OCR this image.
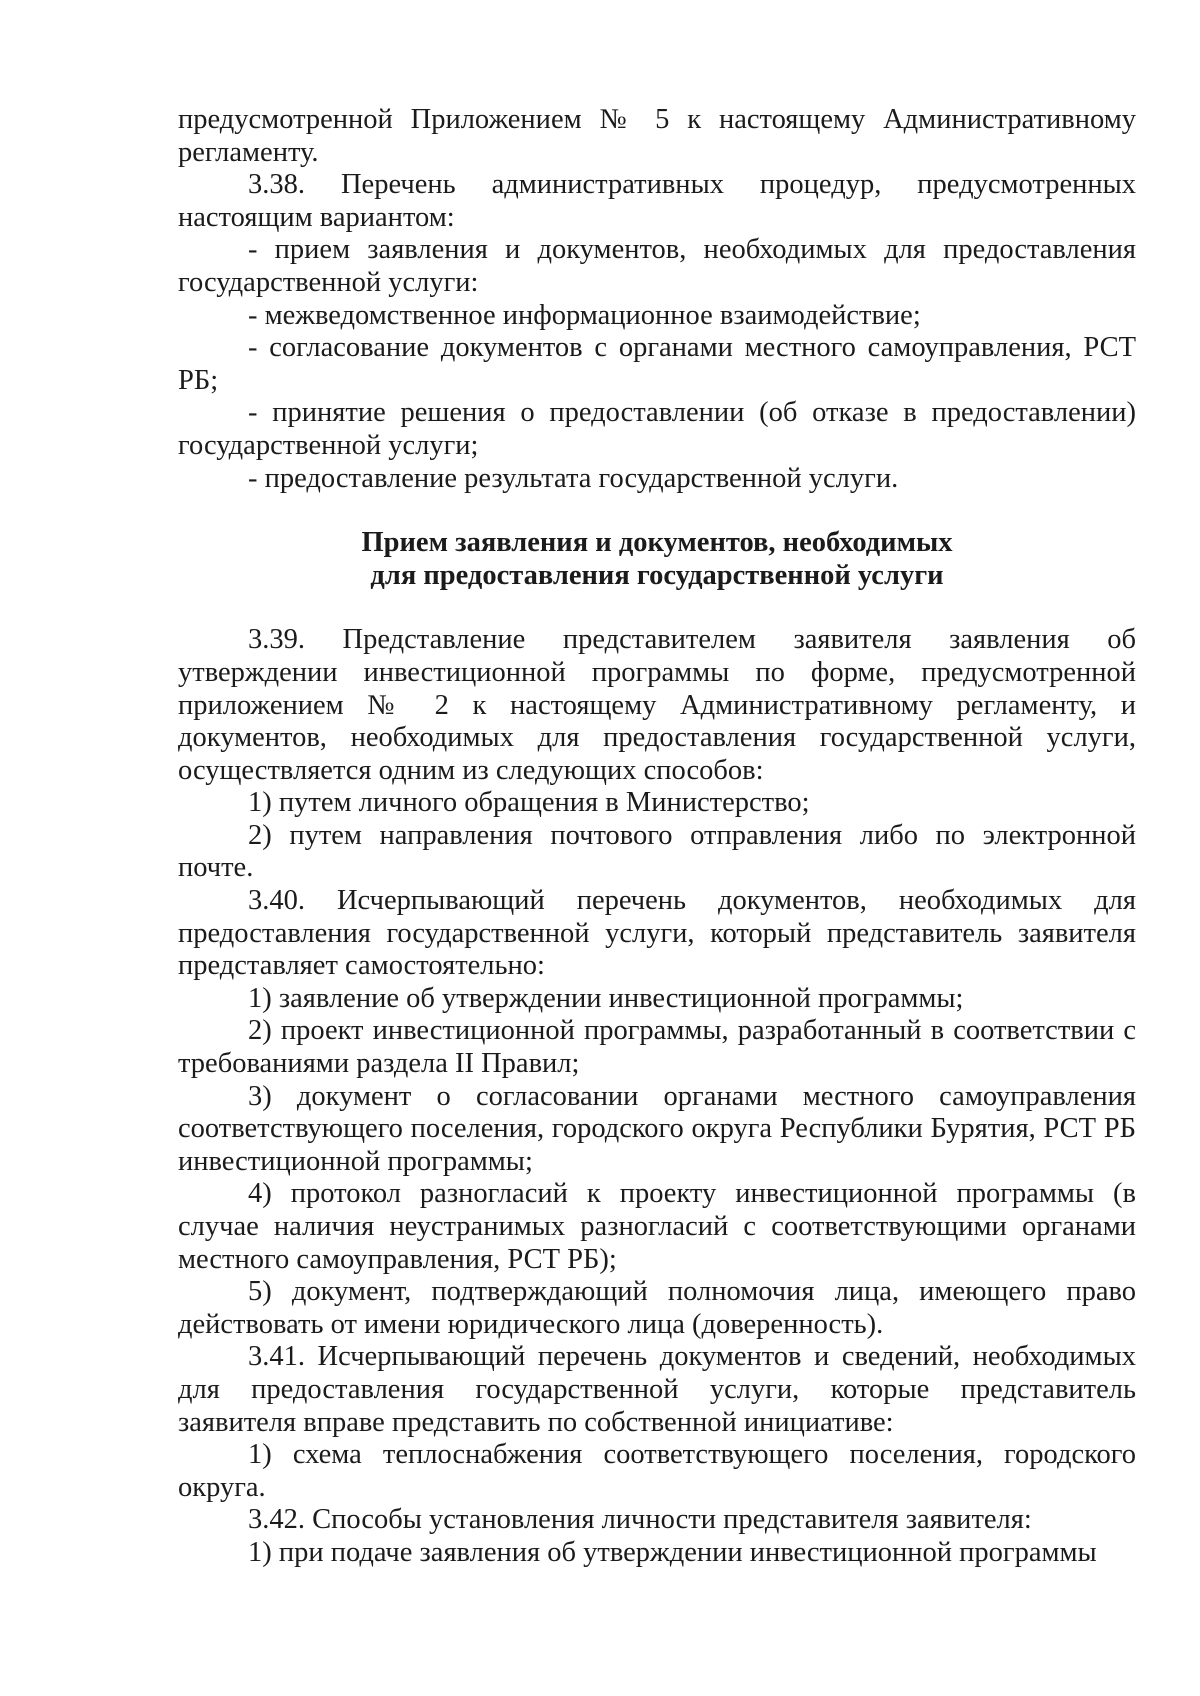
предусмотренной Приложением № 5 к настоящему Административному регламенту.

3.38. Перечень административных процедур, предусмотренных настоящим вариантом:

- прием заявления и документов, необходимых для предоставления государственной услуги:

- межведомственное информационное взаимодействие;

- согласование документов с органами местного самоуправления, РСТ РБ;

- принятие решения о предоставлении (об отказе в предоставлении) государственной услуги;

- предоставление результата государственной услуги.

Прием заявления и документов, необходимых

для предоставления государственной услуги

3.39. Представление представителем заявителя заявления об утверждении инвестиционной программы по форме, предусмотренной приложением № 2 к настоящему Административному регламенту, и документов, необходимых для предоставления государственной услуги, осуществляется одним из следующих способов:

1) путем личного обращения в Министерство;

2) путем направления почтового отправления либо по электронной почте.

3.40. Исчерпывающий перечень документов, необходимых для предоставления государственной услуги, который представитель заявителя представляет самостоятельно:

1) заявление об утверждении инвестиционной программы;

2) проект инвестиционной программы, разработанный в соответствии с требованиями раздела II Правил;

3) документ о согласовании органами местного самоуправления соответствующего поселения, городского округа Республики Бурятия, РСТ РБ инвестиционной программы;

4) протокол разногласий к проекту инвестиционной программы (в случае наличия неустранимых разногласий с соответствующими органами местного самоуправления, РСТ РБ);

5) документ, подтверждающий полномочия лица, имеющего право действовать от имени юридического лица (доверенность).

3.41. Исчерпывающий перечень документов и сведений, необходимых для предоставления государственной услуги, которые представитель заявителя вправе представить по собственной инициативе:

1) схема теплоснабжения соответствующего поселения, городского округа.

3.42. Способы установления личности представителя заявителя:

1) при подаче заявления об утверждении инвестиционной программы
